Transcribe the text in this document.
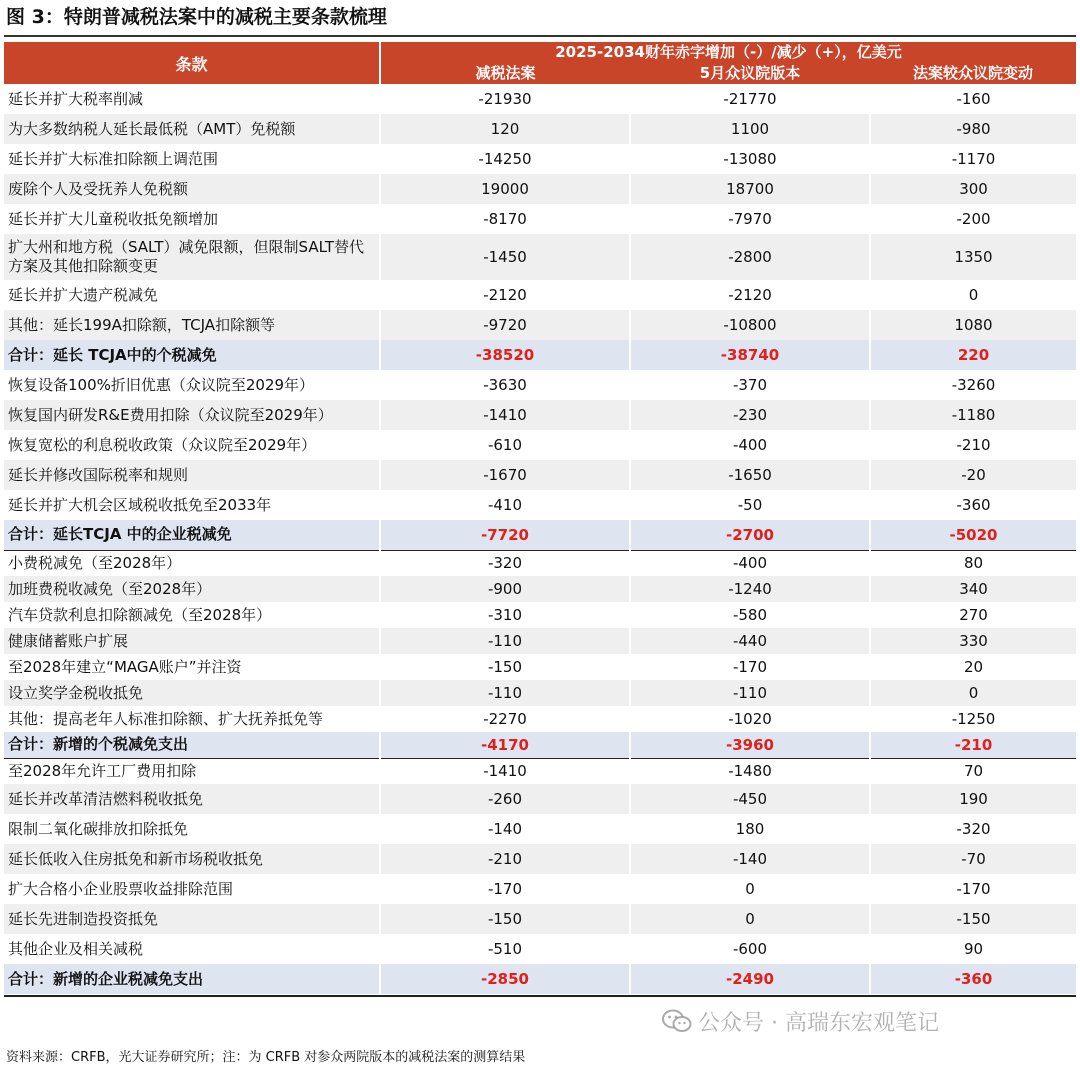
图 3：特朗普减税法案中的减税主要条款梳理
条款	2025-2034财年赤字增加（-）/减少（+），亿美元		
	减税法案	5月众议院版本	法案较众议院变动

延长并扩大税率削减	-21930	-21770	-160

为大多数纳税人延长最低税（AMT）免税额	120	1100	-980

延长并扩大标准扣除额上调范围	-14250	-13080	-1170

废除个人及受抚养人免税额	19000	18700	300

延长并扩大儿童税收抵免额增加	-8170	-7970	-200

扩大州和地方税（SALT）减免限额，但限制SALT替代方案及其他扣除额变更	-1450	-2800	1350

延长并扩大遗产税减免	-2120	-2120	0

其他：延长199A扣除额，TCJA扣除额等	-9720	-10800	1080

合计：延长 TCJA中的个税减免	-38520	-38740	220

恢复设备100%折旧优惠（众议院至2029年）	-3630	-370	-3260

恢复国内研发R&E费用扣除（众议院至2029年）	-1410	-230	-1180

恢复宽松的利息税收政策（众议院至2029年）	-610	-400	-210

延长并修改国际税率和规则	-1670	-1650	-20

延长并扩大机会区域税收抵免至2033年	-410	-50	-360

合计：延长TCJA 中的企业税减免	-7720	-2700	-5020

小费税减免（至2028年）	-320	-400	80

加班费税收减免（至2028年）	-900	-1240	340

汽车贷款利息扣除额减免（至2028年）	-310	-580	270

健康储蓄账户扩展	-110	-440	330

至2028年建立“MAGA账户”并注资	-150	-170	20

设立奖学金税收抵免	-110	-110	0

其他：提高老年人标准扣除额、扩大抚养抵免等	-2270	-1020	-1250

合计：新增的个税减免支出	-4170	-3960	-210

至2028年允许工厂费用扣除	-1410	-1480	70

延长并改革清洁燃料税收抵免	-260	-450	190

限制二氧化碳排放扣除抵免	-140	180	-320

延长低收入住房抵免和新市场税收抵免	-210	-140	-70

扩大合格小企业股票收益排除范围	-170	0	-170

延长先进制造投资抵免	-150	0	-150

其他企业及相关减税	-510	-600	90

合计：新增的企业税减免支出	-2850	-2490	-360
资料来源：CRFB，光大证券研究所；注：为 CRFB 对参众两院版本的减税法案的测算结果
公众号 · 高瑞东宏观笔记
